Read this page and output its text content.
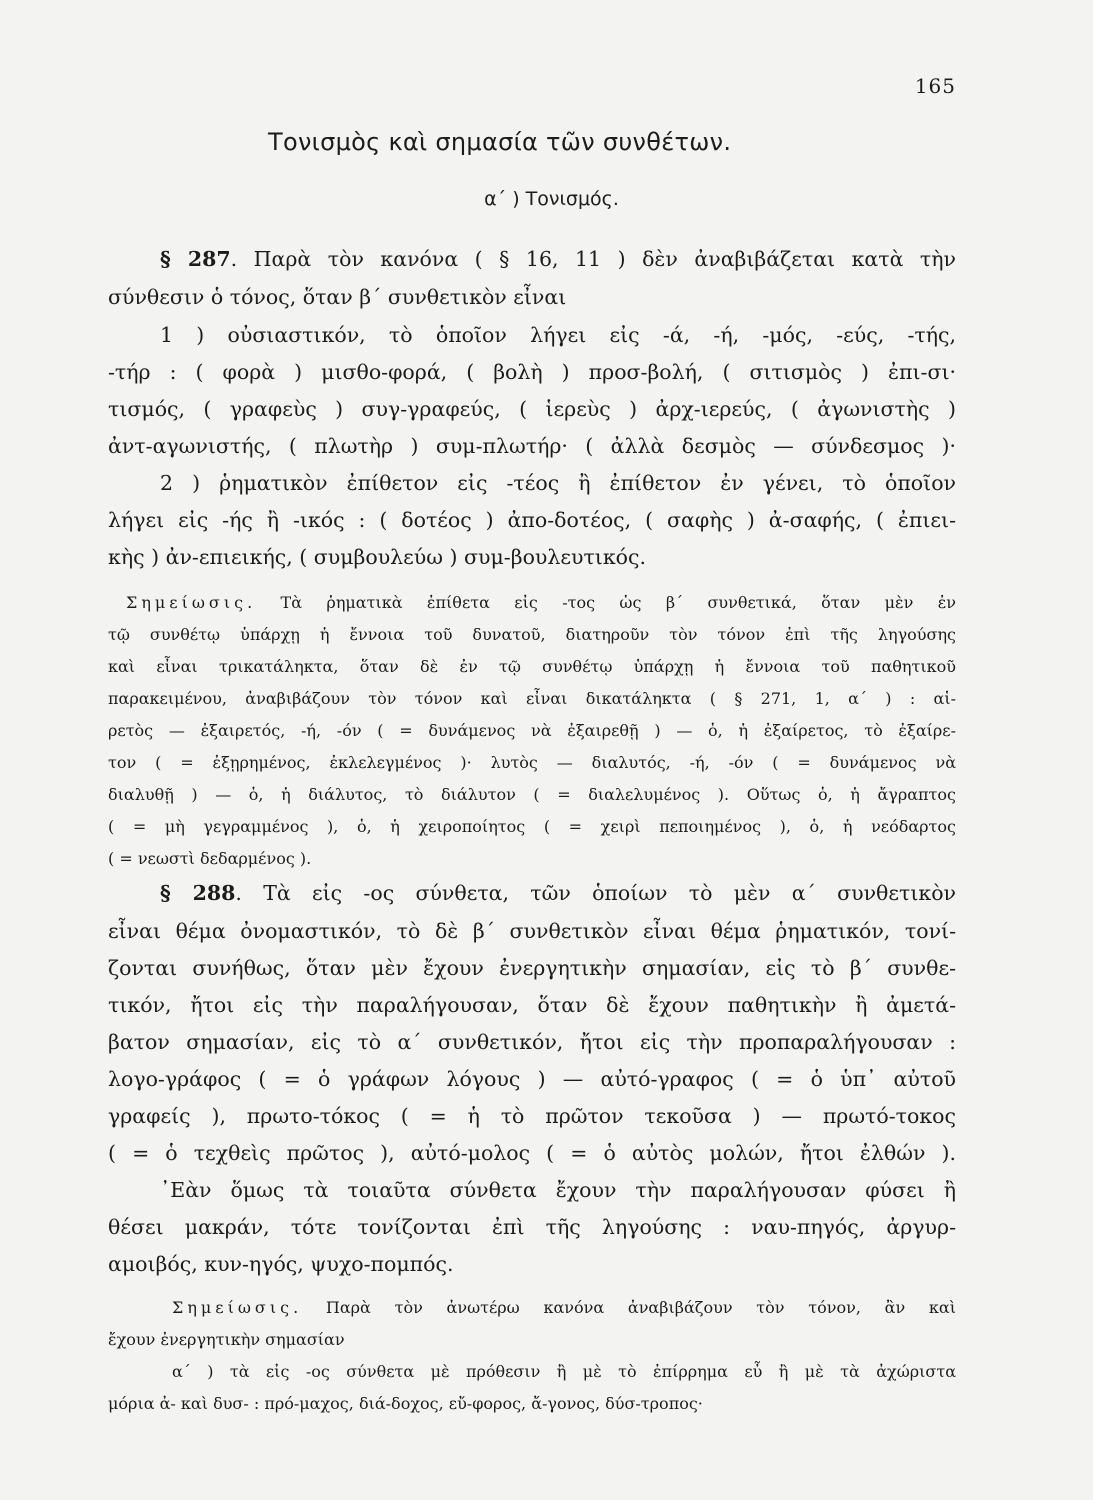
165
Τονισμὸς καὶ σημασία τῶν συνθέτων.
α΄ ) Τονισμός.
§ 287. Παρὰ τὸν κανόνα ( § 16, 11 ) δὲν ἀναβιβάζεται κατὰ τὴν
σύνθεσιν ὁ τόνος, ὅταν β΄ συνθετικὸν εἶναι
1 ) οὐσιαστικόν, τὸ ὁποῖον λήγει εἰς -ά, -ή, -μός, -εύς, -τής,
-τήρ : ( φορὰ ) μισθο-φορά, ( βολὴ ) προσ-βολή, ( σιτισμὸς ) ἐπι-σι·
τισμός, ( γραφεὺς ) συγ-γραφεύς, ( ἱερεὺς ) ἀρχ-ιερεύς, ( ἀγωνιστὴς )
ἀντ-αγωνιστής, ( πλωτὴρ ) συμ-πλωτήρ· ( ἀλλὰ δεσμὸς — σύνδεσμος )·
2 ) ῥηματικὸν ἐπίθετον εἰς -τέος ἢ ἐπίθετον ἐν γένει, τὸ ὁποῖον
λήγει εἰς -ής ἢ -ικός : ( δοτέος ) ἀπο-δοτέος, ( σαφὴς ) ἀ-σαφής, ( ἐπιει-
κὴς ) ἀν-επιεικής, ( συμβουλεύω ) συμ-βουλευτικός.
Σημείωσις. Τὰ ῥηματικὰ ἐπίθετα εἰς -τος ὡς β΄ συνθετικά, ὅταν μὲν ἐν
τῷ συνθέτῳ ὑπάρχῃ ἡ ἔννοια τοῦ δυνατοῦ, διατηροῦν τὸν τόνον ἐπὶ τῆς ληγούσης
καὶ εἶναι τρικατάληκτα, ὅταν δὲ ἐν τῷ συνθέτῳ ὑπάρχῃ ἡ ἔννοια τοῦ παθητικοῦ
παρακειμένου, ἀναβιβάζουν τὸν τόνον καὶ εἶναι δικατάληκτα ( § 271, 1, α΄ ) : αἱ-
ρετὸς — ἐξαιρετός, -ή, -όν ( = δυνάμενος νὰ ἐξαιρεθῇ ) — ὁ, ἡ ἐξαίρετος, τὸ ἐξαίρε-
τον ( = ἐξῃρημένος, ἐκλελεγμένος )· λυτὸς — διαλυτός, -ή, -όν ( = δυνάμενος νὰ
διαλυθῇ ) — ὁ, ἡ διάλυτος, τὸ διάλυτον ( = διαλελυμένος ). Οὕτως ὁ, ἡ ἄγραπτος
( = μὴ γεγραμμένος ), ὁ, ἡ χειροποίητος ( = χειρὶ πεποιημένος ), ὁ, ἡ νεόδαρτος
( = νεωστὶ δεδαρμένος ).
§ 288. Τὰ εἰς -ος σύνθετα, τῶν ὁποίων τὸ μὲν α΄ συνθετικὸν
εἶναι θέμα ὀνομαστικόν, τὸ δὲ β΄ συνθετικὸν εἶναι θέμα ῥηματικόν, τονί-
ζονται συνήθως, ὅταν μὲν ἔχουν ἐνεργητικὴν σημασίαν, εἰς τὸ β΄ συνθε-
τικόν, ἤτοι εἰς τὴν παραλήγουσαν, ὅταν δὲ ἔχουν παθητικὴν ἢ ἀμετά-
βατον σημασίαν, εἰς τὸ α΄ συνθετικόν, ἤτοι εἰς τὴν προπαραλήγουσαν :
λογο-γράφος ( = ὁ γράφων λόγους ) — αὐτό-γραφος ( = ὁ ὑπ᾿ αὐτοῦ
γραφείς ), πρωτο-τόκος ( = ἡ τὸ πρῶτον τεκοῦσα ) — πρωτό-τοκος
( = ὁ τεχθεὶς πρῶτος ), αὐτό-μολος ( = ὁ αὐτὸς μολών, ἤτοι ἐλθών ).
᾿Εὰν ὅμως τὰ τοιαῦτα σύνθετα ἔχουν τὴν παραλήγουσαν φύσει ἢ
θέσει μακράν, τότε τονίζονται ἐπὶ τῆς ληγούσης : ναυ-πηγός, ἀργυρ-
αμοιβός, κυν-ηγός, ψυχο-πομπός.
Σημείωσις. Παρὰ τὸν ἀνωτέρω κανόνα ἀναβιβάζουν τὸν τόνον, ἂν καὶ
ἔχουν ἐνεργητικὴν σημασίαν
α΄ ) τὰ εἰς -ος σύνθετα μὲ πρόθεσιν ἢ μὲ τὸ ἐπίρρημα εὖ ἢ μὲ τὰ ἀχώριστα
μόρια ἀ- καὶ δυσ- : πρό-μαχος, διά-δοχος, εὔ-φορος, ἄ-γονος, δύσ-τροπος·
